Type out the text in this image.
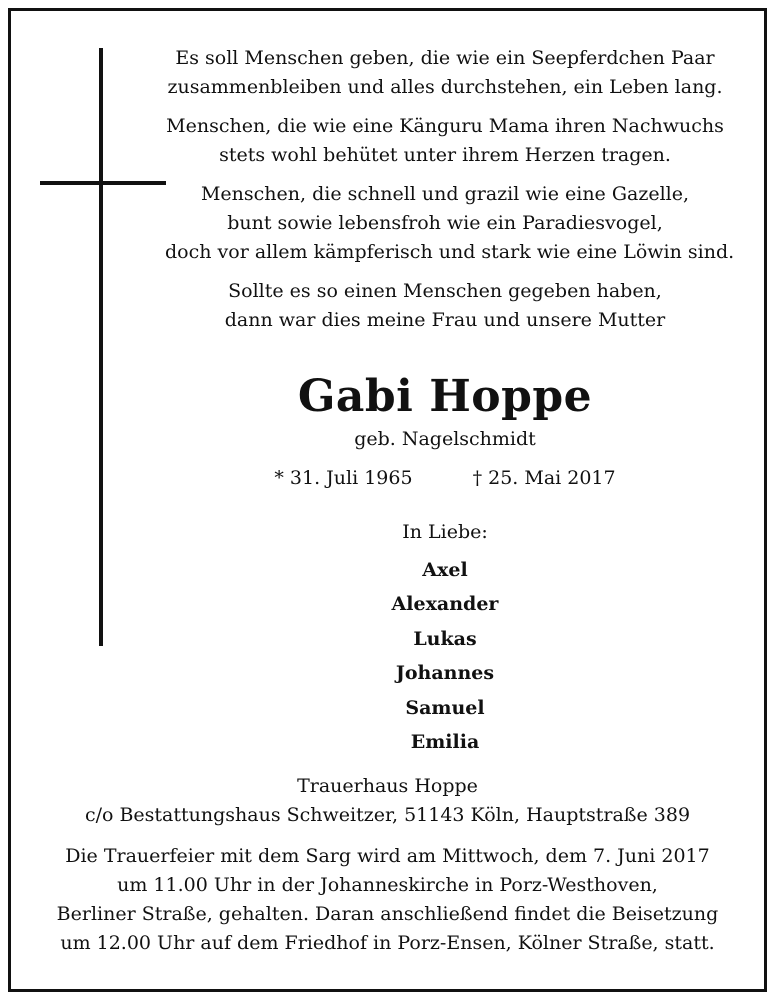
Es soll Menschen geben, die wie ein Seepferdchen Paar
zusammenbleiben und alles durchstehen, ein Leben lang.

Menschen, die wie eine Känguru Mama ihren Nachwuchs
stets wohl behütet unter ihrem Herzen tragen.

Menschen, die schnell und grazil wie eine Gazelle,
bunt sowie lebensfroh wie ein Paradiesvogel,
doch vor allem kämpferisch und stark wie eine Löwin sind.

Sollte es so einen Menschen gegeben haben,
dann war dies meine Frau und unsere Mutter

Gabi Hoppe
geb. Nagelschmidt
* 31. Juli 1965	† 25. Mai 2017
In Liebe:
Axel
Alexander
Lukas
Johannes
Samuel
Emilia
Trauerhaus Hoppe
c/o Bestattungshaus Schweitzer, 51143 Köln, Hauptstraße 389
Die Trauerfeier mit dem Sarg wird am Mittwoch, dem 7. Juni 2017
um 11.00 Uhr in der Johanneskirche in Porz-Westhoven,
Berliner Straße, gehalten. Daran anschließend findet die Beisetzung
um 12.00 Uhr auf dem Friedhof in Porz-Ensen, Kölner Straße, statt.
